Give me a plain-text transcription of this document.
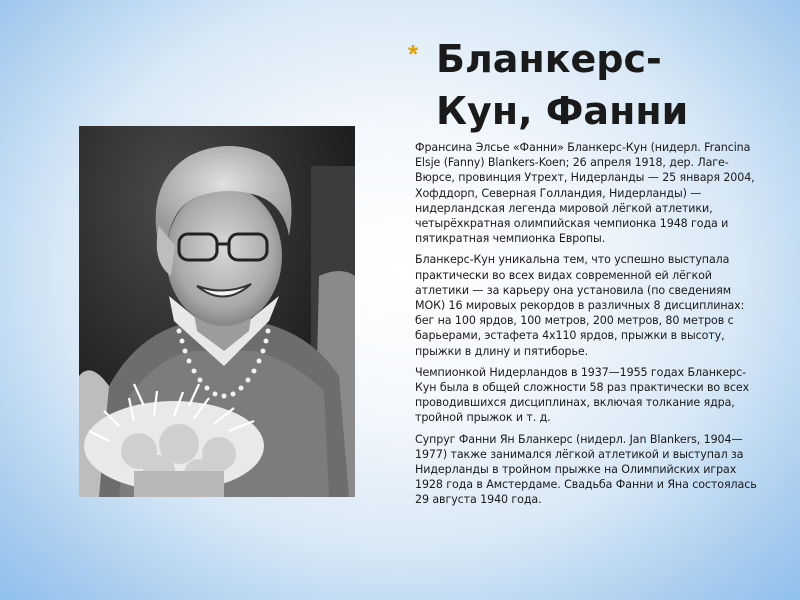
* Бланкерс-Кун, Фанни

Франсина Элсье «Фанни» Бланкерс-Кун (нидерл. Francina Elsje (Fanny) Blankers-Koen; 26 апреля 1918, дер. Лаге-Вюрсе, провинция Утрехт, Нидерланды — 25 января 2004, Хофддорп, Северная Голландия, Нидерланды) — нидерландская легенда мировой лёгкой атлетики, четырёхкратная олимпийская чемпионка 1948 года и пятикратная чемпионка Европы.

Бланкерс-Кун уникальна тем, что успешно выступала практически во всех видах современной ей лёгкой атлетики — за карьеру она установила (по сведениям МОК) 16 мировых рекордов в различных 8 дисциплинах: бег на 100 ярдов, 100 метров, 200 метров, 80 метров с барьерами, эстафета 4х110 ярдов, прыжки в высоту, прыжки в длину и пятиборье.

Чемпионкой Нидерландов в 1937—1955 годах Бланкерс-Кун была в общей сложности 58 раз практически во всех проводившихся дисциплинах, включая толкание ядра, тройной прыжок и т. д.

Супруг Фанни Ян Бланкерс (нидерл. Jan Blankers, 1904—1977) также занимался лёгкой атлетикой и выступал за Нидерланды в тройном прыжке на Олимпийских играх 1928 года в Амстердаме. Свадьба Фанни и Яна состоялась 29 августа 1940 года.
